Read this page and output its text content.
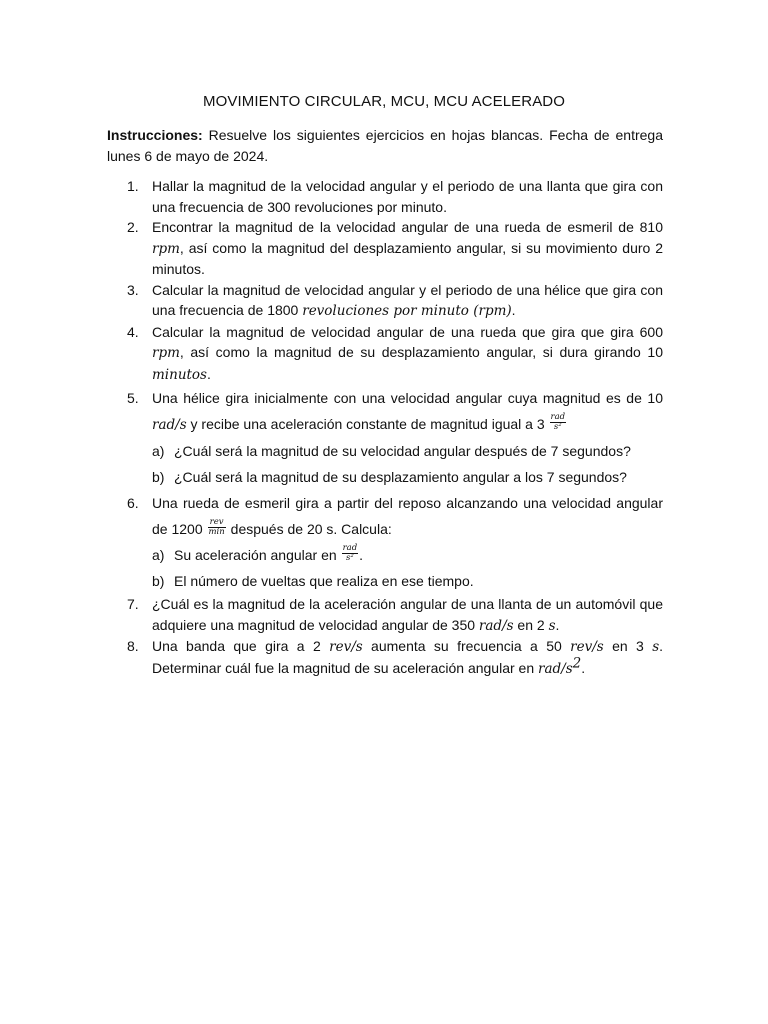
MOVIMIENTO CIRCULAR, MCU, MCU ACELERADO
Instrucciones: Resuelve los siguientes ejercicios en hojas blancas. Fecha de entrega lunes 6 de mayo de 2024.
1. Hallar la magnitud de la velocidad angular y el periodo de una llanta que gira con una frecuencia de 300 revoluciones por minuto.
2. Encontrar la magnitud de la velocidad angular de una rueda de esmeril de 810 rpm, así como la magnitud del desplazamiento angular, si su movimiento duro 2 minutos.
3. Calcular la magnitud de velocidad angular y el periodo de una hélice que gira con una frecuencia de 1800 revoluciones por minuto (rpm).
4. Calcular la magnitud de velocidad angular de una rueda que gira que gira 600 rpm, así como la magnitud de su desplazamiento angular, si dura girando 10 minutos.
5. Una hélice gira inicialmente con una velocidad angular cuya magnitud es de 10 rad/s y recibe una aceleración constante de magnitud igual a $3 \frac{\text{rad}}{\text{s²}}$
a) ¿Cuál será la magnitud de su velocidad angular después de 7 segundos?
b) ¿Cuál será la magnitud de su desplazamiento angular a los 7 segundos?
6. Una rueda de esmeril gira a partir del reposo alcanzando una velocidad angular de $1200 \frac{\text{rev}}{\min}$ después de 20 s. Calcula:
a) Su aceleración angular en $\frac{\text{rad}}{\text{s²}}$ .
b) El número de vueltas que realiza en ese tiempo.
7. ¿Cuál es la magnitud de la aceleración angular de una llanta de un automóvil que adquiere una magnitud de velocidad angular de 350 rad/s en 2 s.
8. Una banda que gira a 2 rev/s aumenta su frecuencia a 50 rev/s en 3 s. Determinar cuál fue la magnitud de su aceleración angular en rad/$s^2$.
